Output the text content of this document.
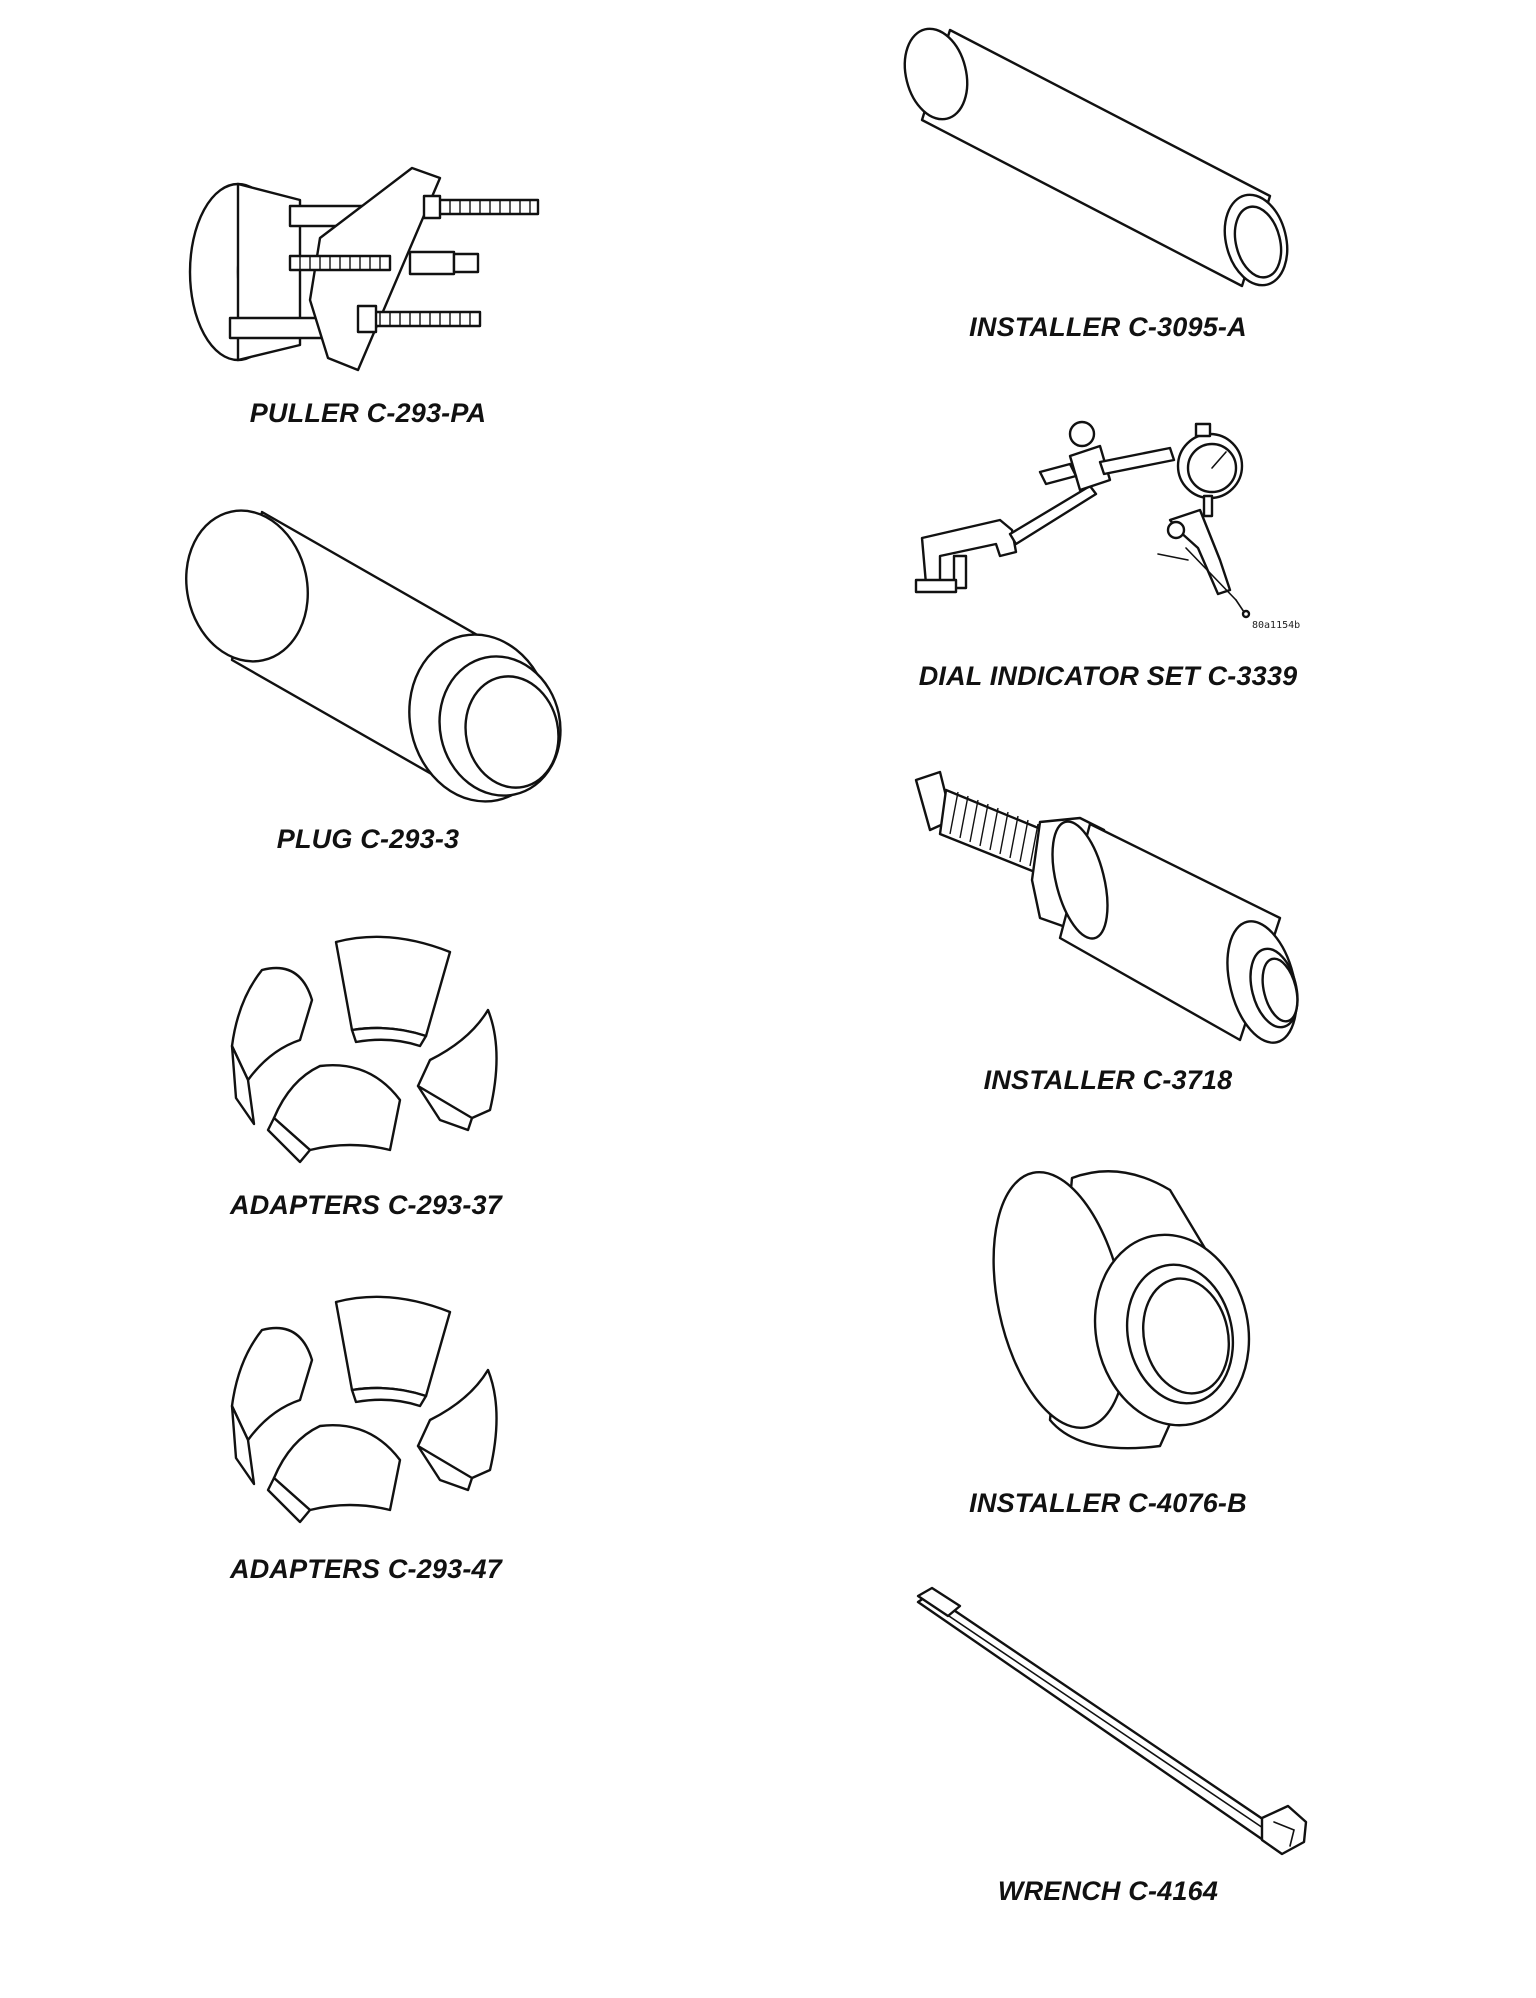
PULLER C-293-PA
PLUG C-293-3
ADAPTERS C-293-37
ADAPTERS C-293-47
INSTALLER C-3095-A
DIAL INDICATOR SET C-3339
80a1154b
INSTALLER C-3718
INSTALLER C-4076-B
WRENCH C-4164
